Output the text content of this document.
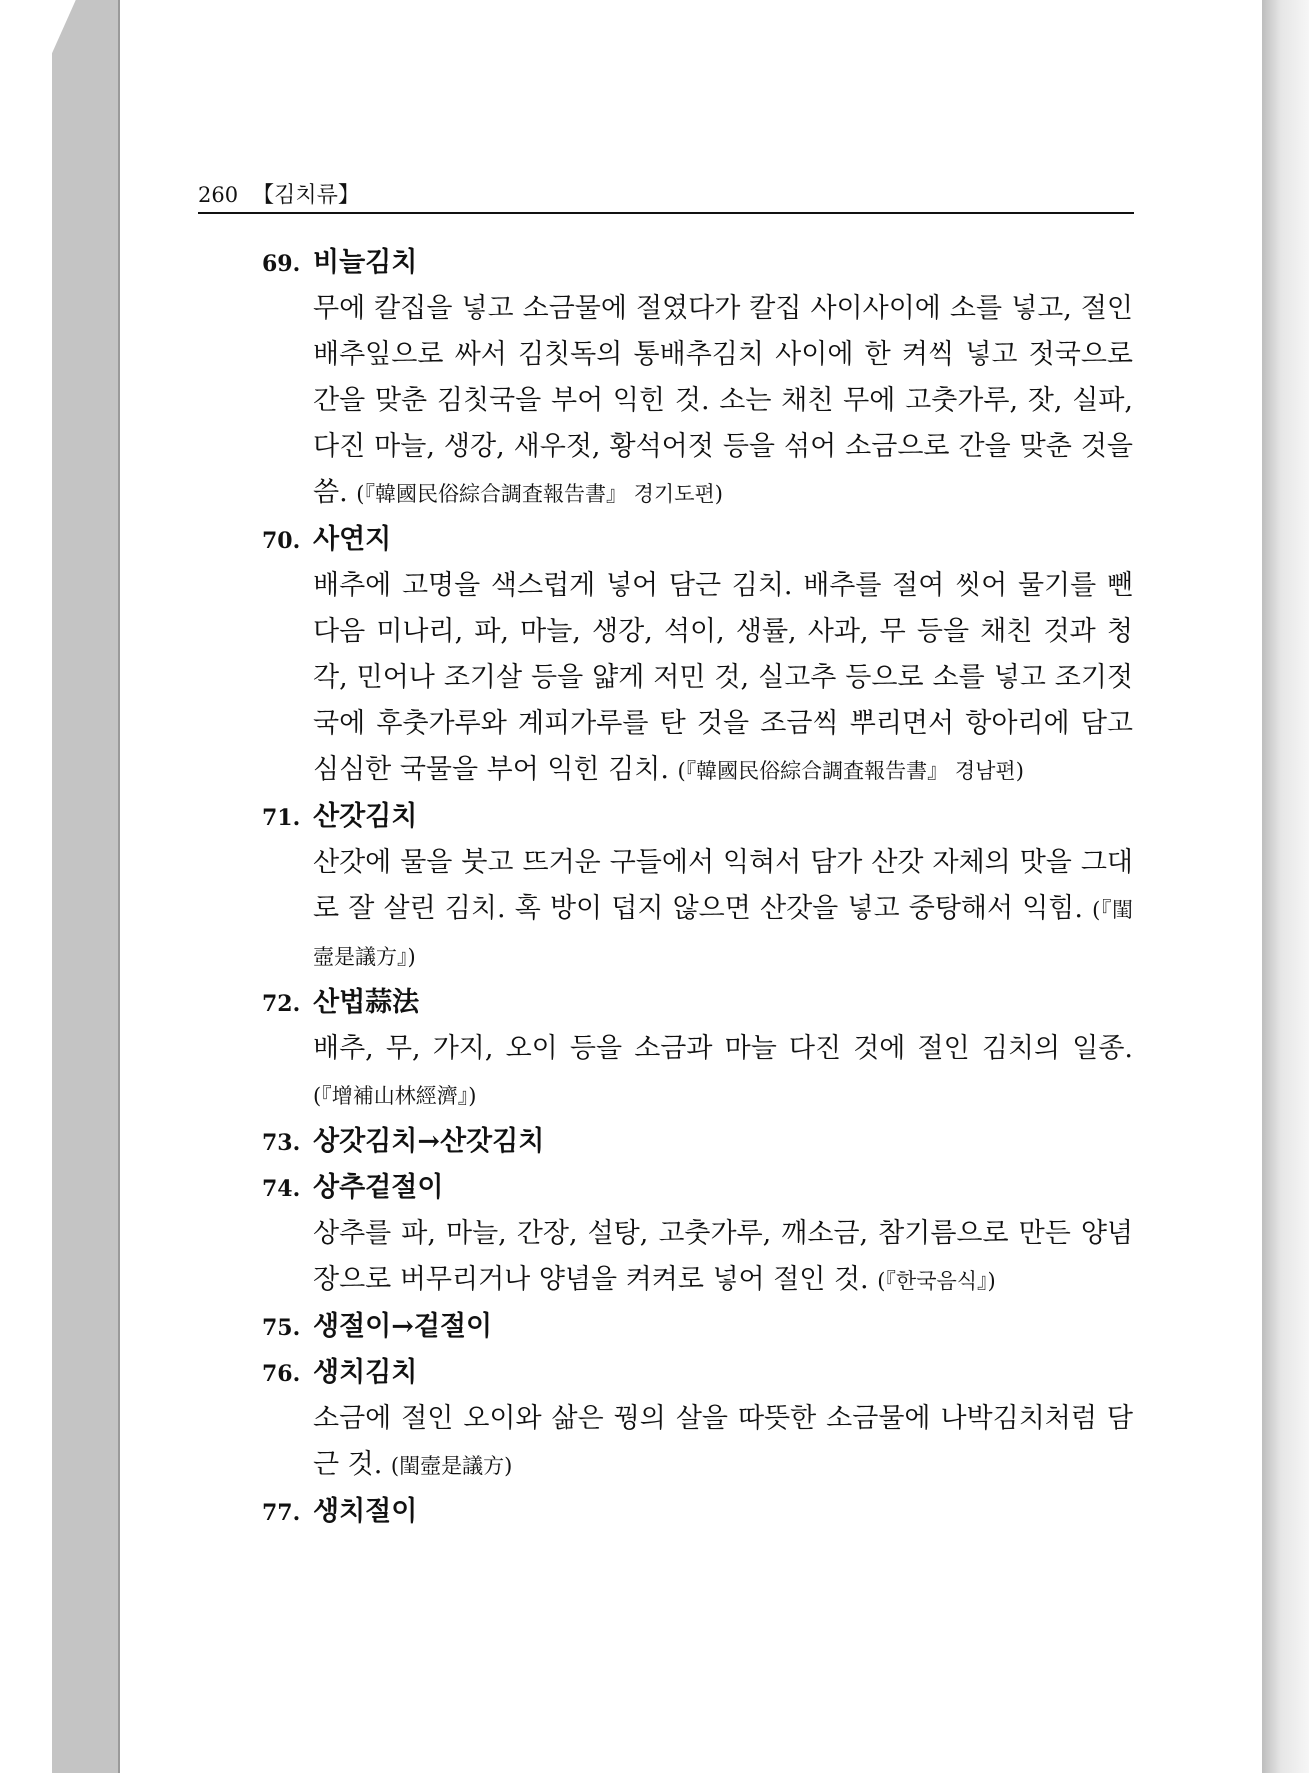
260 【김치류】
69. 비늘김치
무에 칼집을 넣고 소금물에 절였다가 칼집 사이사이에 소를 넣고, 절인 배추잎으로 싸서 김칫독의 통배추김치 사이에 한 켜씩 넣고 젓국으로 간을 맞춘 김칫국을 부어 익힌 것. 소는 채친 무에 고춧가루, 잣, 실파, 다진 마늘, 생강, 새우젓, 황석어젓 등을 섞어 소금으로 간을 맞춘 것을 씀. (『韓國民俗綜合調査報告書』 경기도편)
70. 사연지
배추에 고명을 색스럽게 넣어 담근 김치. 배추를 절여 씻어 물기를 뺀 다음 미나리, 파, 마늘, 생강, 석이, 생률, 사과, 무 등을 채친 것과 청각, 민어나 조기살 등을 얇게 저민 것, 실고추 등으로 소를 넣고 조기젓국에 후춧가루와 계피가루를 탄 것을 조금씩 뿌리면서 항아리에 담고 심심한 국물을 부어 익힌 김치. (『韓國民俗綜合調査報告書』 경남편)
71. 산갓김치
산갓에 물을 붓고 뜨거운 구들에서 익혀서 담가 산갓 자체의 맛을 그대로 잘 살린 김치. 혹 방이 덥지 않으면 산갓을 넣고 중탕해서 익힘. (『閨壼是議方』)
72. 산법蒜法
배추, 무, 가지, 오이 등을 소금과 마늘 다진 것에 절인 김치의 일종. (『增補山林經濟』)
73. 상갓김치→산갓김치
74. 상추겉절이
상추를 파, 마늘, 간장, 설탕, 고춧가루, 깨소금, 참기름으로 만든 양념장으로 버무리거나 양념을 켜켜로 넣어 절인 것. (『한국음식』)
75. 생절이→겉절이
76. 생치김치
소금에 절인 오이와 삶은 꿩의 살을 따뜻한 소금물에 나박김치처럼 담근 것. (閨壼是議方)
77. 생치절이
